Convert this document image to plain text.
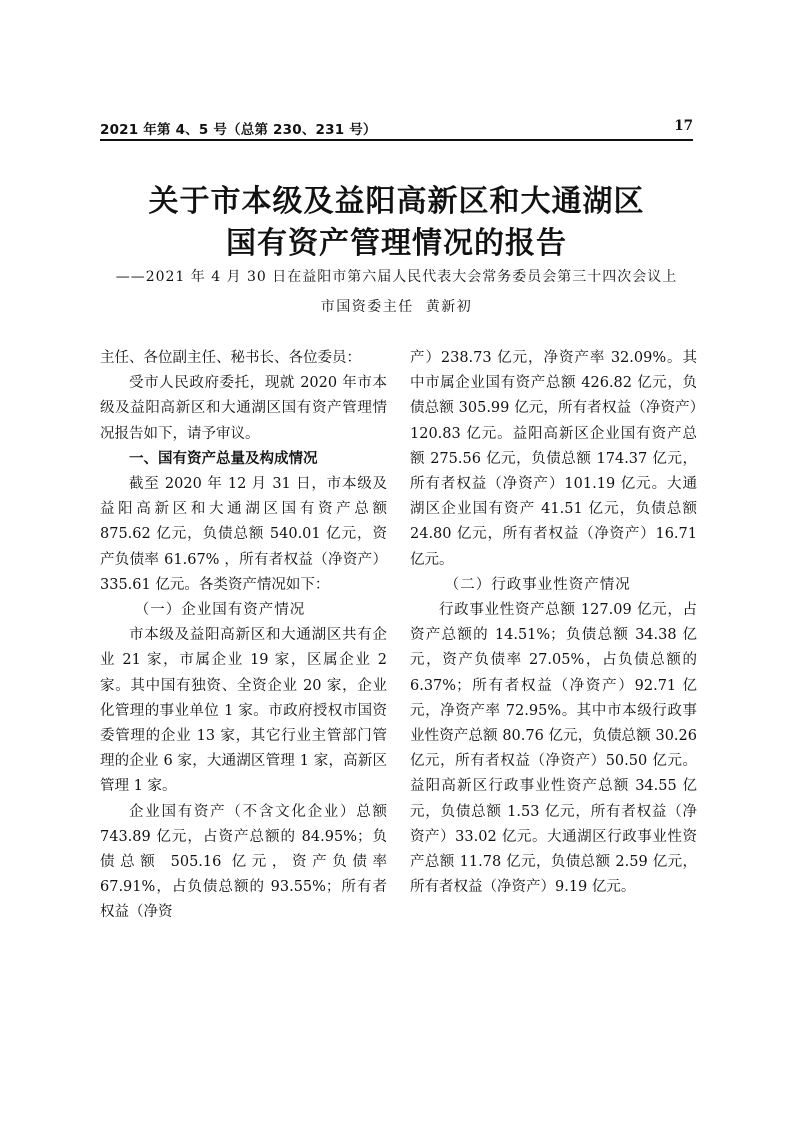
2021 年第 4、5 号（总第 230、231 号）	17
关于市本级及益阳高新区和大通湖区
国有资产管理情况的报告
——2021 年 4 月 30 日在益阳市第六届人民代表大会常务委员会第三十四次会议上
市国资委主任 黄新初

主任、各位副主任、秘书长、各位委员：

受市人民政府委托，现就 2020 年市本级及益阳高新区和大通湖区国有资产管理情况报告如下，请予审议。

一、国有资产总量及构成情况

截至 2020 年 12 月 31 日，市本级及益阳高新区和大通湖区国有资产总额 875.62 亿元，负债总额 540.01 亿元，资产负债率 61.67% ，所有者权益（净资产）335.61 亿元。各类资产情况如下：

（一）企业国有资产情况

市本级及益阳高新区和大通湖区共有企业 21 家，市属企业 19 家，区属企业 2 家。其中国有独资、全资企业 20 家，企业化管理的事业单位 1 家。市政府授权市国资委管理的企业 13 家，其它行业主管部门管理的企业 6 家，大通湖区管理 1 家，高新区管理 1 家。

企业国有资产（不含文化企业）总额 743.89 亿元，占资产总额的 84.95%；负债总额 505.16 亿元，资产负债率 67.91%，占负债总额的 93.55%；所有者权益（净资

产）238.73 亿元，净资产率 32.09%。其中市属企业国有资产总额 426.82 亿元，负债总额 305.99 亿元，所有者权益（净资产）120.83 亿元。益阳高新区企业国有资产总额 275.56 亿元，负债总额 174.37 亿元，所有者权益（净资产）101.19 亿元。大通湖区企业国有资产 41.51 亿元，负债总额 24.80 亿元，所有者权益（净资产）16.71 亿元。

（二）行政事业性资产情况

行政事业性资产总额 127.09 亿元，占资产总额的 14.51%；负债总额 34.38 亿元，资产负债率 27.05%，占负债总额的 6.37%；所有者权益（净资产）92.71 亿元，净资产率 72.95%。其中市本级行政事业性资产总额 80.76 亿元，负债总额 30.26 亿元，所有者权益（净资产）50.50 亿元。益阳高新区行政事业性资产总额 34.55 亿元，负债总额 1.53 亿元，所有者权益（净资产）33.02 亿元。大通湖区行政事业性资产总额 11.78 亿元，负债总额 2.59 亿元，所有者权益（净资产）9.19 亿元。
